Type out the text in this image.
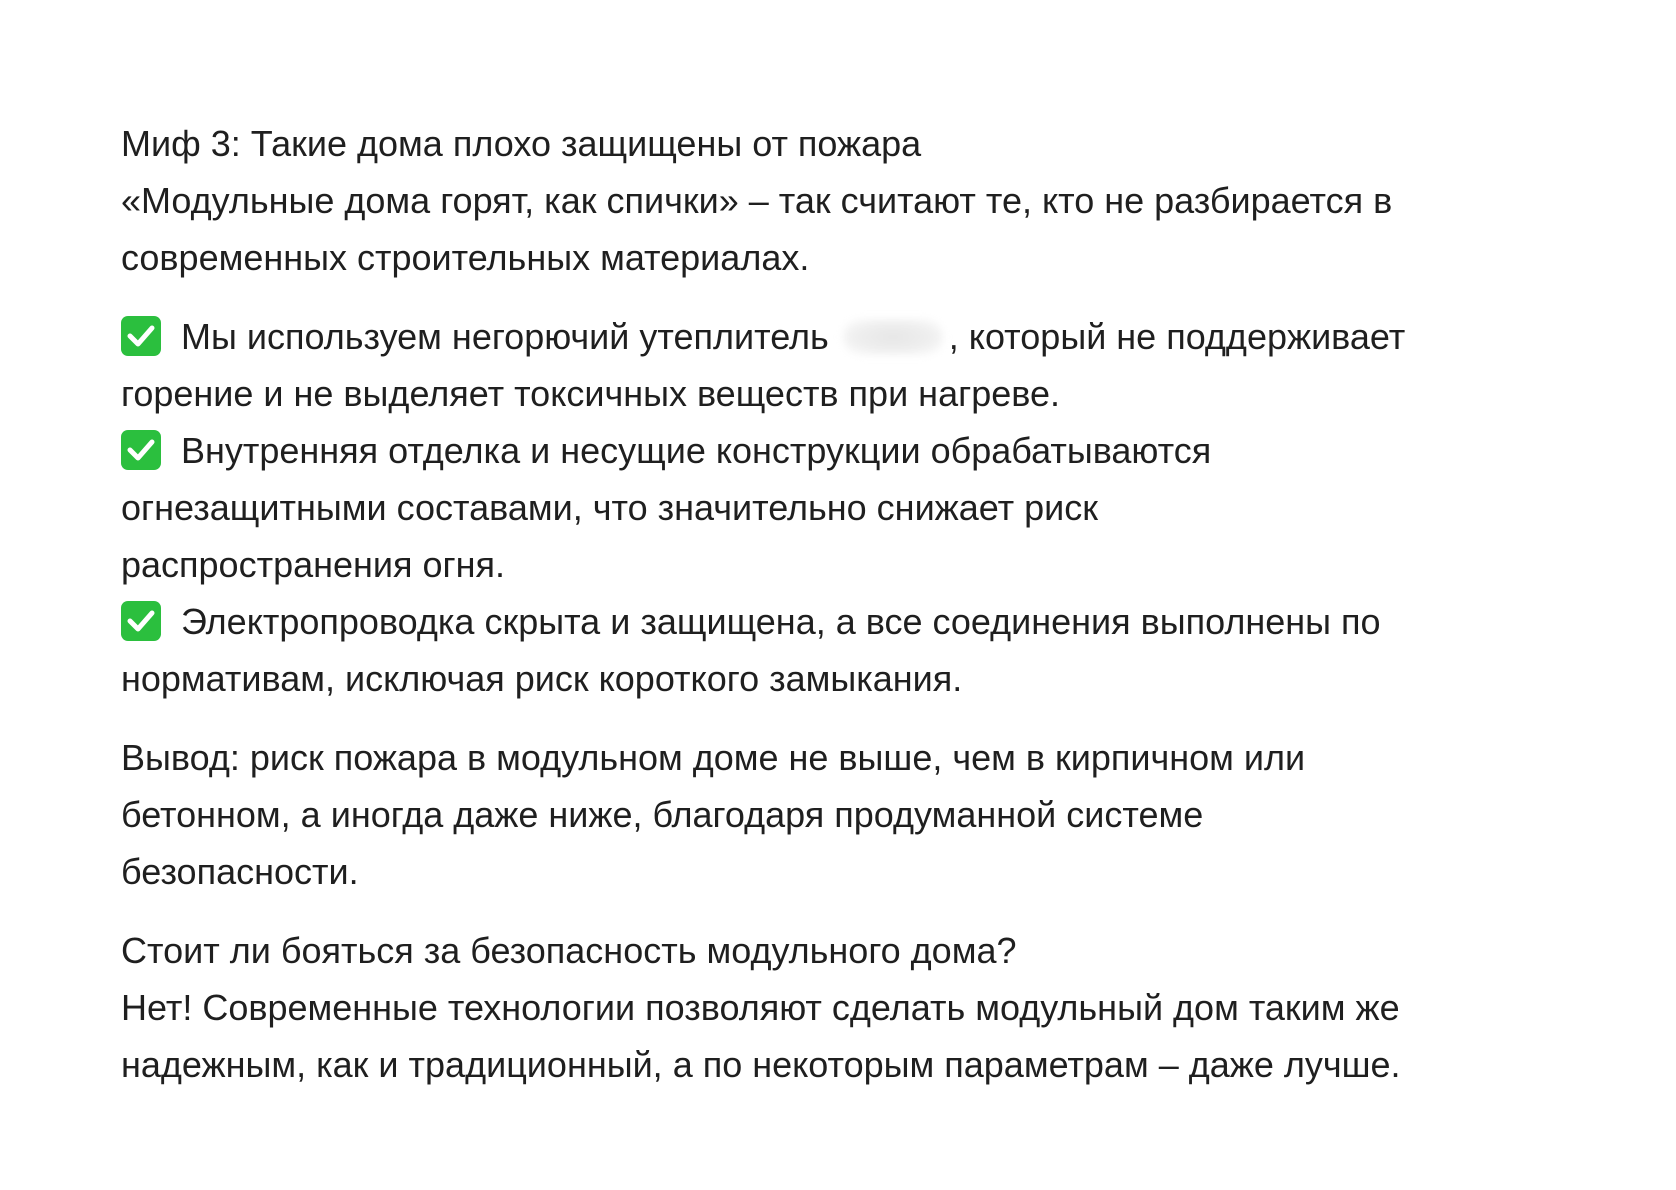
Миф 3: Такие дома плохо защищены от пожара
«Модульные дома горят, как спички» – так считают те, кто не разбирается в
современных строительных материалах.
Мы используем негорючий утеплитель	, который не поддерживает
горение и не выделяет токсичных веществ при нагреве.
Внутренняя отделка и несущие конструкции обрабатываются
огнезащитными составами, что значительно снижает риск
распространения огня.
Электропроводка скрыта и защищена, а все соединения выполнены по
нормативам, исключая риск короткого замыкания.
Вывод: риск пожара в модульном доме не выше, чем в кирпичном или
бетонном, а иногда даже ниже, благодаря продуманной системе
безопасности.
Стоит ли бояться за безопасность модульного дома?
Нет! Современные технологии позволяют сделать модульный дом таким же
надежным, как и традиционный, а по некоторым параметрам – даже лучше.
